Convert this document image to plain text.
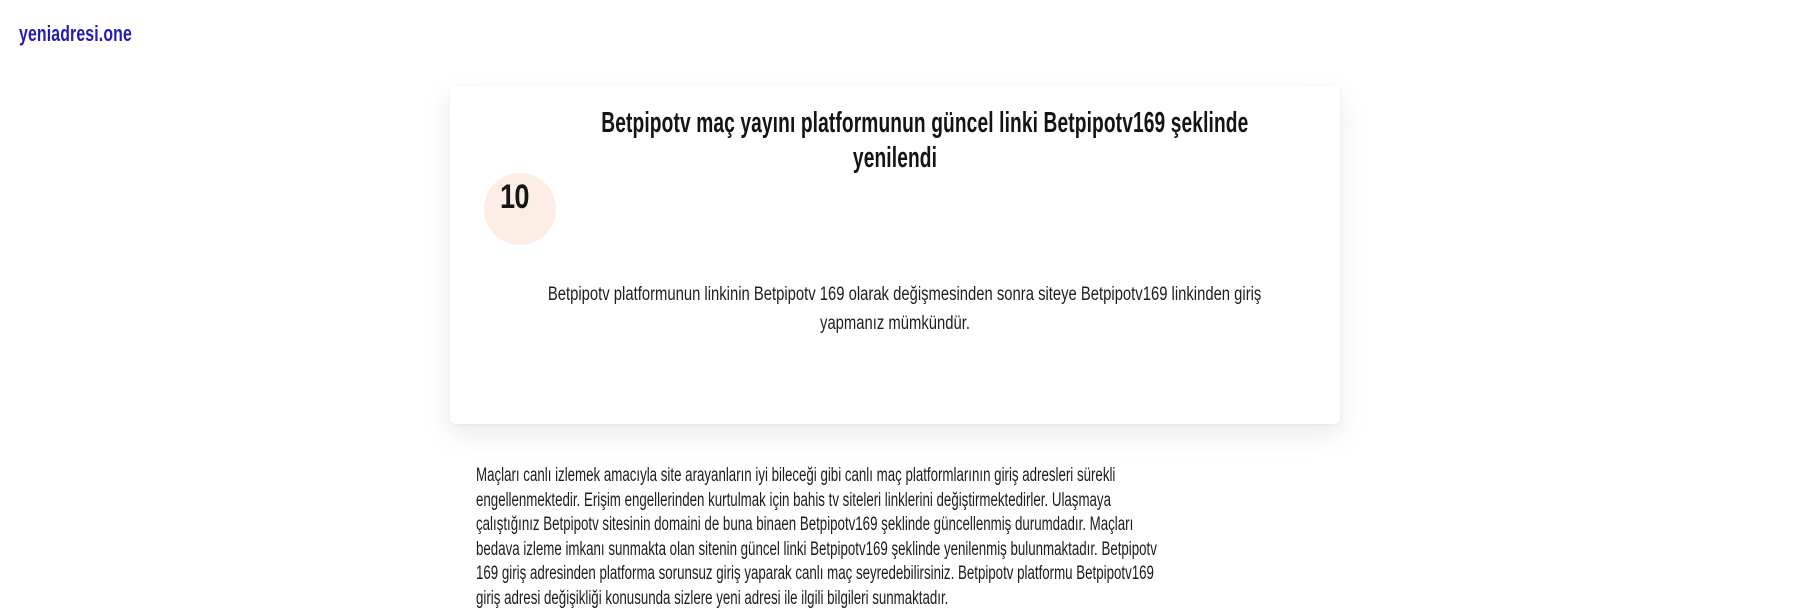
yeniadresi.one
Betpipotv maç yayını platformunun güncel linki Betpipotv169 şeklinde
yenilendi
10
Betpipotv platformunun linkinin Betpipotv 169 olarak değişmesinden sonra siteye Betpipotv169 linkinden giriş
yapmanız mümkündür.
Maçları canlı izlemek amacıyla site arayanların iyi bileceği gibi canlı maç platformlarının giriş adresleri sürekli
engellenmektedir. Erişim engellerinden kurtulmak için bahis tv siteleri linklerini değiştirmektedirler. Ulaşmaya
çalıştığınız Betpipotv sitesinin domaini de buna binaen Betpipotv169 şeklinde güncellenmiş durumdadır. Maçları
bedava izleme imkanı sunmakta olan sitenin güncel linki Betpipotv169 şeklinde yenilenmiş bulunmaktadır. Betpipotv
169 giriş adresinden platforma sorunsuz giriş yaparak canlı maç seyredebilirsiniz. Betpipotv platformu Betpipotv169
giriş adresi değişikliği konusunda sizlere yeni adresi ile ilgili bilgileri sunmaktadır.
